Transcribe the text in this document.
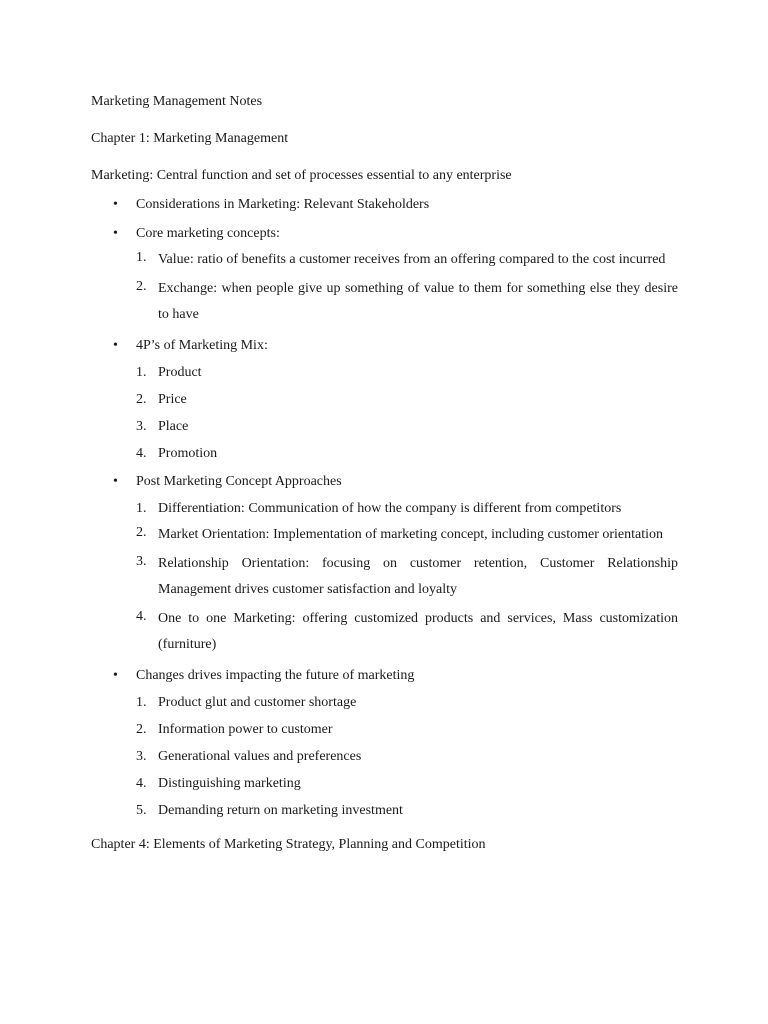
Marketing Management Notes

Chapter 1: Marketing Management

Marketing: Central function and set of processes essential to any enterprise

• Considerations in Marketing: Relevant Stakeholders
• Core marketing concepts:
1. Value: ratio of benefits a customer receives from an offering compared to the cost incurred
2. Exchange: when people give up something of value to them for something else they desire to have
• 4P’s of Marketing Mix:
1. Product
2. Price
3. Place
4. Promotion
• Post Marketing Concept Approaches
1. Differentiation: Communication of how the company is different from competitors
2. Market Orientation: Implementation of marketing concept, including customer orientation
3. Relationship Orientation: focusing on customer retention, Customer Relationship Management drives customer satisfaction and loyalty
4. One to one Marketing: offering customized products and services, Mass customization (furniture)
• Changes drives impacting the future of marketing
1. Product glut and customer shortage
2. Information power to customer
3. Generational values and preferences
4. Distinguishing marketing
5. Demanding return on marketing investment

Chapter 4: Elements of Marketing Strategy, Planning and Competition
